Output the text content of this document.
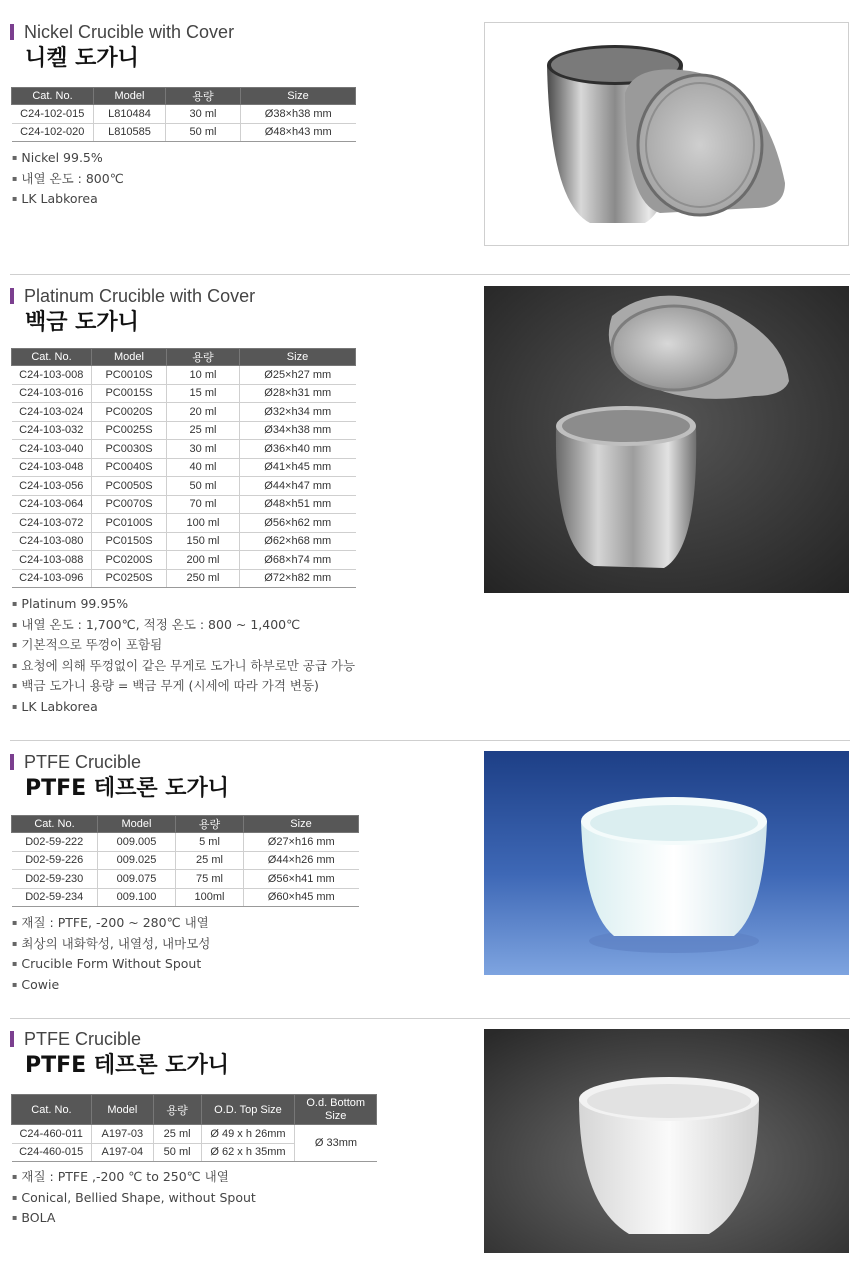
Nickel Crucible with Cover
니켈 도가니
Cat. No.	Model	용량	Size
C24-102-015	L810484	30 ml	Ø38×h38 mm
C24-102-020	L810585	50 ml	Ø48×h43 mm
▪ Nickel 99.5%
▪ 내열 온도 : 800℃
▪ LK Labkorea
Platinum Crucible with Cover
백금 도가니
Cat. No.	Model	용량	Size
C24-103-008	PC0010S	10 ml	Ø25×h27 mm
C24-103-016	PC0015S	15 ml	Ø28×h31 mm
C24-103-024	PC0020S	20 ml	Ø32×h34 mm
C24-103-032	PC0025S	25 ml	Ø34×h38 mm
C24-103-040	PC0030S	30 ml	Ø36×h40 mm
C24-103-048	PC0040S	40 ml	Ø41×h45 mm
C24-103-056	PC0050S	50 ml	Ø44×h47 mm
C24-103-064	PC0070S	70 ml	Ø48×h51 mm
C24-103-072	PC0100S	100 ml	Ø56×h62 mm
C24-103-080	PC0150S	150 ml	Ø62×h68 mm
C24-103-088	PC0200S	200 ml	Ø68×h74 mm
C24-103-096	PC0250S	250 ml	Ø72×h82 mm
▪ Platinum 99.95%
▪ 내열 온도 : 1,700℃, 적정 온도 : 800 ~ 1,400℃
▪ 기본적으로 뚜껑이 포함됨
▪ 요청에 의해 뚜껑없이 같은 무게로 도가니 하부로만 공급 가능
▪ 백금 도가니 용량 = 백금 무게 (시세에 따라 가격 변동)
▪ LK Labkorea
PTFE Crucible
PTFE 테프론 도가니
Cat. No.	Model	용량	Size
D02-59-222	009.005	5 ml	Ø27×h16 mm
D02-59-226	009.025	25 ml	Ø44×h26 mm
D02-59-230	009.075	75 ml	Ø56×h41 mm
D02-59-234	009.100	100ml	Ø60×h45 mm
▪ 재질 : PTFE, -200 ~ 280℃ 내열
▪ 최상의 내화학성, 내열성, 내마모성
▪ Crucible Form Without Spout
▪ Cowie
PTFE Crucible
PTFE 테프론 도가니
Cat. No.	Model	용량	O.D. Top Size	O.d. Bottom Size
C24-460-011	A197-03	25 ml	Ø 49 x h 26mm	Ø 33mm
C24-460-015	A197-04	50 ml	Ø 62 x h 35mm	
▪ 재질 : PTFE ,-200 ℃ to 250℃ 내열
▪ Conical, Bellied Shape, without Spout
▪ BOLA
